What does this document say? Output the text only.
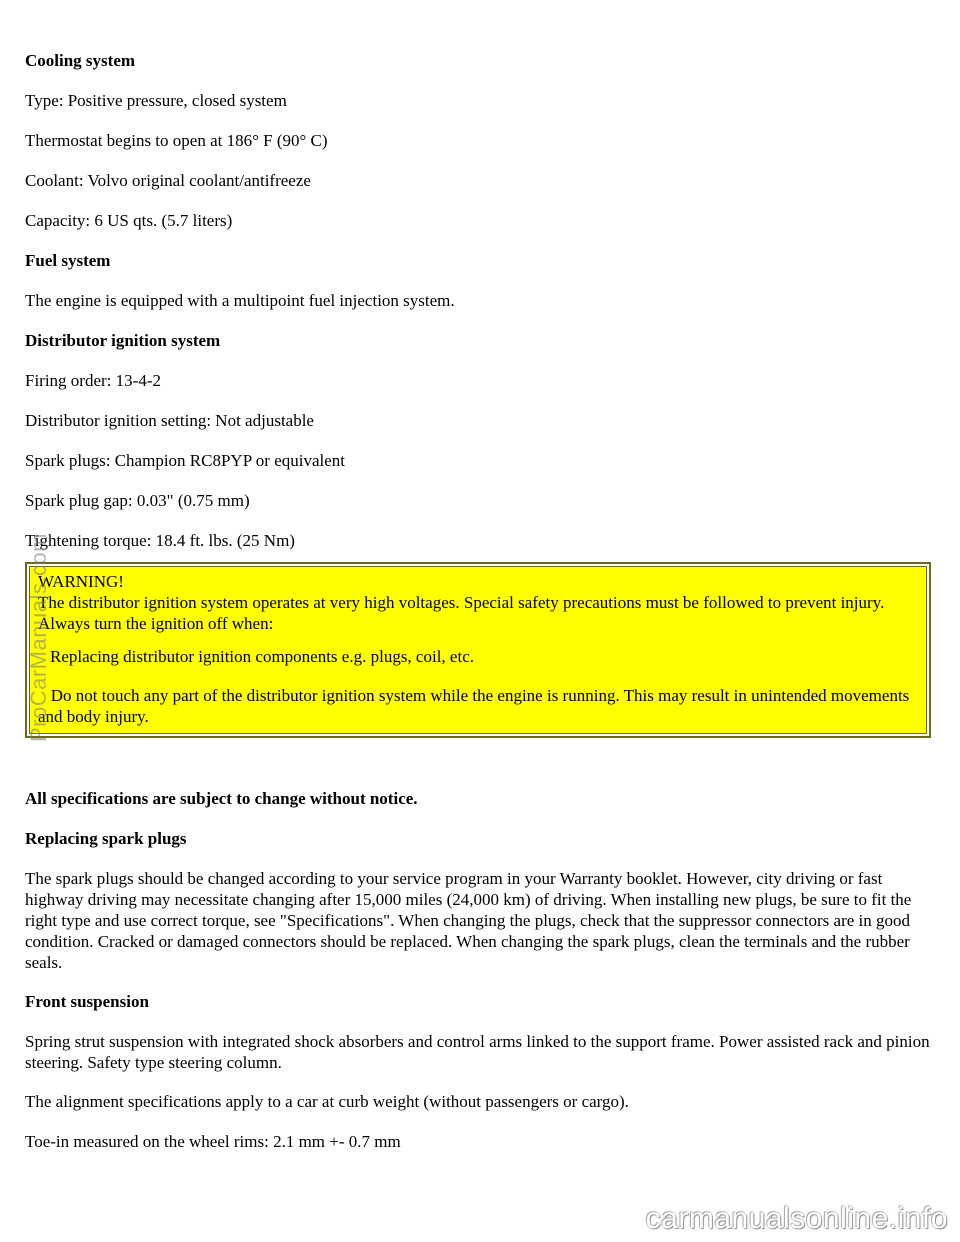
Cooling system

Type: Positive pressure, closed system

Thermostat begins to open at 186° F (90° C)

Coolant: Volvo original coolant/antifreeze

Capacity: 6 US qts. (5.7 liters)

Fuel system

The engine is equipped with a multipoint fuel injection system.

Distributor ignition system

Firing order: 13-4-2

Distributor ignition setting: Not adjustable

Spark plugs: Champion RC8PYP or equivalent

Spark plug gap: 0.03" (0.75 mm)

Tightening torque: 18.4 ft. lbs. (25 Nm)

WARNING!

The distributor ignition system operates at very high voltages. Special safety precautions must be followed to prevent injury. Always turn the ignition off when:

Replacing distributor ignition components e.g. plugs, coil, etc.

Do not touch any part of the distributor ignition system while the engine is running. This may result in unintended movements and body injury.

All specifications are subject to change without notice.

Replacing spark plugs

The spark plugs should be changed according to your service program in your Warranty booklet. However, city driving or fast highway driving may necessitate changing after 15,000 miles (24,000 km) of driving. When installing new plugs, be sure to fit the right type and use correct torque, see "Specifications". When changing the plugs, check that the suppressor connectors are in good condition. Cracked or damaged connectors should be replaced. When changing the spark plugs, clean the terminals and the rubber seals.

Front suspension

Spring strut suspension with integrated shock absorbers and control arms linked to the support frame. Power assisted rack and pinion steering. Safety type steering column.

The alignment specifications apply to a car at curb weight (without passengers or cargo).

Toe-in measured on the wheel rims: 2.1 mm +- 0.7 mm

ProCarManuals.com
carmanualsonline.info
